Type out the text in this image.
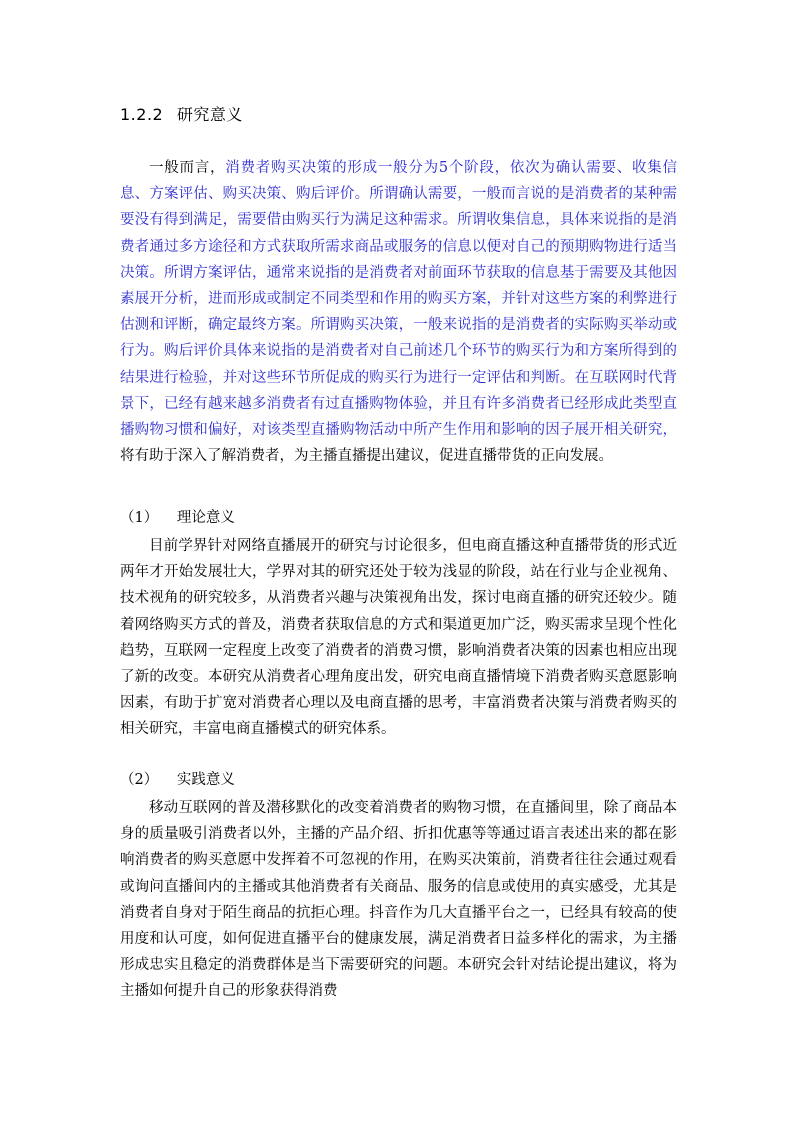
1.2.2 研究意义
一般而言，消费者购买决策的形成一般分为5个阶段，依次为确认需要、收集信息、方案评估、购买决策、购后评价。所谓确认需要，一般而言说的是消费者的某种需要没有得到满足，需要借由购买行为满足这种需求。所谓收集信息，具体来说指的是消费者通过多方途径和方式获取所需求商品或服务的信息以便对自己的预期购物进行适当决策。所谓方案评估，通常来说指的是消费者对前面环节获取的信息基于需要及其他因素展开分析，进而形成或制定不同类型和作用的购买方案，并针对这些方案的利弊进行估测和评断，确定最终方案。所谓购买决策，一般来说指的是消费者的实际购买举动或行为。购后评价具体来说指的是消费者对自己前述几个环节的购买行为和方案所得到的结果进行检验，并对这些环节所促成的购买行为进行一定评估和判断。在互联网时代背景下，已经有越来越多消费者有过直播购物体验，并且有许多消费者已经形成此类型直播购物习惯和偏好，对该类型直播购物活动中所产生作用和影响的因子展开相关研究，将有助于深入了解消费者，为主播直播提出建议，促进直播带货的正向发展。
（1） 理论意义
目前学界针对网络直播展开的研究与讨论很多，但电商直播这种直播带货的形式近两年才开始发展壮大，学界对其的研究还处于较为浅显的阶段，站在行业与企业视角、技术视角的研究较多，从消费者兴趣与决策视角出发，探讨电商直播的研究还较少。随着网络购买方式的普及，消费者获取信息的方式和渠道更加广泛，购买需求呈现个性化趋势，互联网一定程度上改变了消费者的消费习惯，影响消费者决策的因素也相应出现了新的改变。本研究从消费者心理角度出发，研究电商直播情境下消费者购买意愿影响因素，有助于扩宽对消费者心理以及电商直播的思考，丰富消费者决策与消费者购买的相关研究，丰富电商直播模式的研究体系。
（2） 实践意义
移动互联网的普及潜移默化的改变着消费者的购物习惯，在直播间里，除了商品本身的质量吸引消费者以外，主播的产品介绍、折扣优惠等等通过语言表述出来的都在影响消费者的购买意愿中发挥着不可忽视的作用，在购买决策前，消费者往往会通过观看或询问直播间内的主播或其他消费者有关商品、服务的信息或使用的真实感受，尤其是消费者自身对于陌生商品的抗拒心理。抖音作为几大直播平台之一，已经具有较高的使用度和认可度，如何促进直播平台的健康发展，满足消费者日益多样化的需求，为主播形成忠实且稳定的消费群体是当下需要研究的问题。本研究会针对结论提出建议，将为主播如何提升自己的形象获得消费
